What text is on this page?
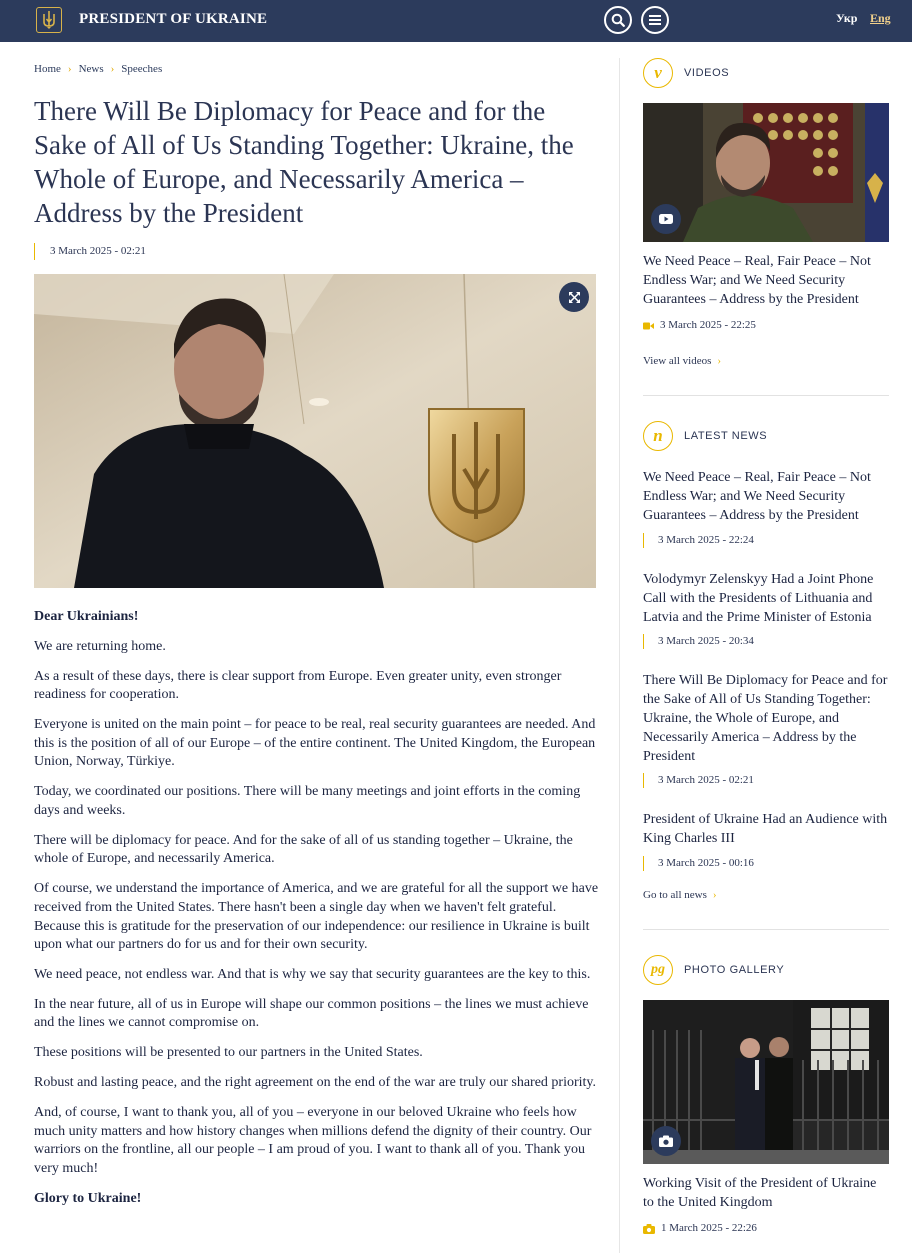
PRESIDENT OF UKRAINE	Укр Eng
Home › News › Speeches
There Will Be Diplomacy for Peace and for the Sake of All of Us Standing Together: Ukraine, the Whole of Europe, and Necessarily America – Address by the President
3 March 2025 - 02:21

Dear Ukrainians!

We are returning home.

As a result of these days, there is clear support from Europe. Even greater unity, even stronger readiness for cooperation.

Everyone is united on the main point – for peace to be real, real security guarantees are needed. And this is the position of all of our Europe – of the entire continent. The United Kingdom, the European Union, Norway, Türkiye.

Today, we coordinated our positions. There will be many meetings and joint efforts in the coming days and weeks.

There will be diplomacy for peace. And for the sake of all of us standing together – Ukraine, the whole of Europe, and necessarily America.

Of course, we understand the importance of America, and we are grateful for all the support we have received from the United States. There hasn't been a single day when we haven't felt grateful. Because this is gratitude for the preservation of our independence: our resilience in Ukraine is built upon what our partners do for us and for their own security.

We need peace, not endless war. And that is why we say that security guarantees are the key to this.

In the near future, all of us in Europe will shape our common positions – the lines we must achieve and the lines we cannot compromise on.

These positions will be presented to our partners in the United States.

Robust and lasting peace, and the right agreement on the end of the war are truly our shared priority.

And, of course, I want to thank you, all of you – everyone in our beloved Ukraine who feels how much unity matters and how history changes when millions defend the dignity of their country. Our warriors on the frontline, all our people – I am proud of you. I want to thank all of you. Thank you very much!

Glory to Ukraine!

v	VIDEOS
We Need Peace – Real, Fair Peace – Not Endless War; and We Need Security Guarantees – Address by the President
3 March 2025 - 22:25
View all videos ›
n	LATEST NEWS
We Need Peace – Real, Fair Peace – Not Endless War; and We Need Security Guarantees – Address by the President
3 March 2025 - 22:24
Volodymyr Zelenskyy Had a Joint Phone Call with the Presidents of Lithuania and Latvia and the Prime Minister of Estonia
3 March 2025 - 20:34
There Will Be Diplomacy for Peace and for the Sake of All of Us Standing Together: Ukraine, the Whole of Europe, and Necessarily America – Address by the President
3 March 2025 - 02:21
President of Ukraine Had an Audience with King Charles III
3 March 2025 - 00:16
Go to all news ›
pg	PHOTO GALLERY
Working Visit of the President of Ukraine to the United Kingdom
1 March 2025 - 22:26
